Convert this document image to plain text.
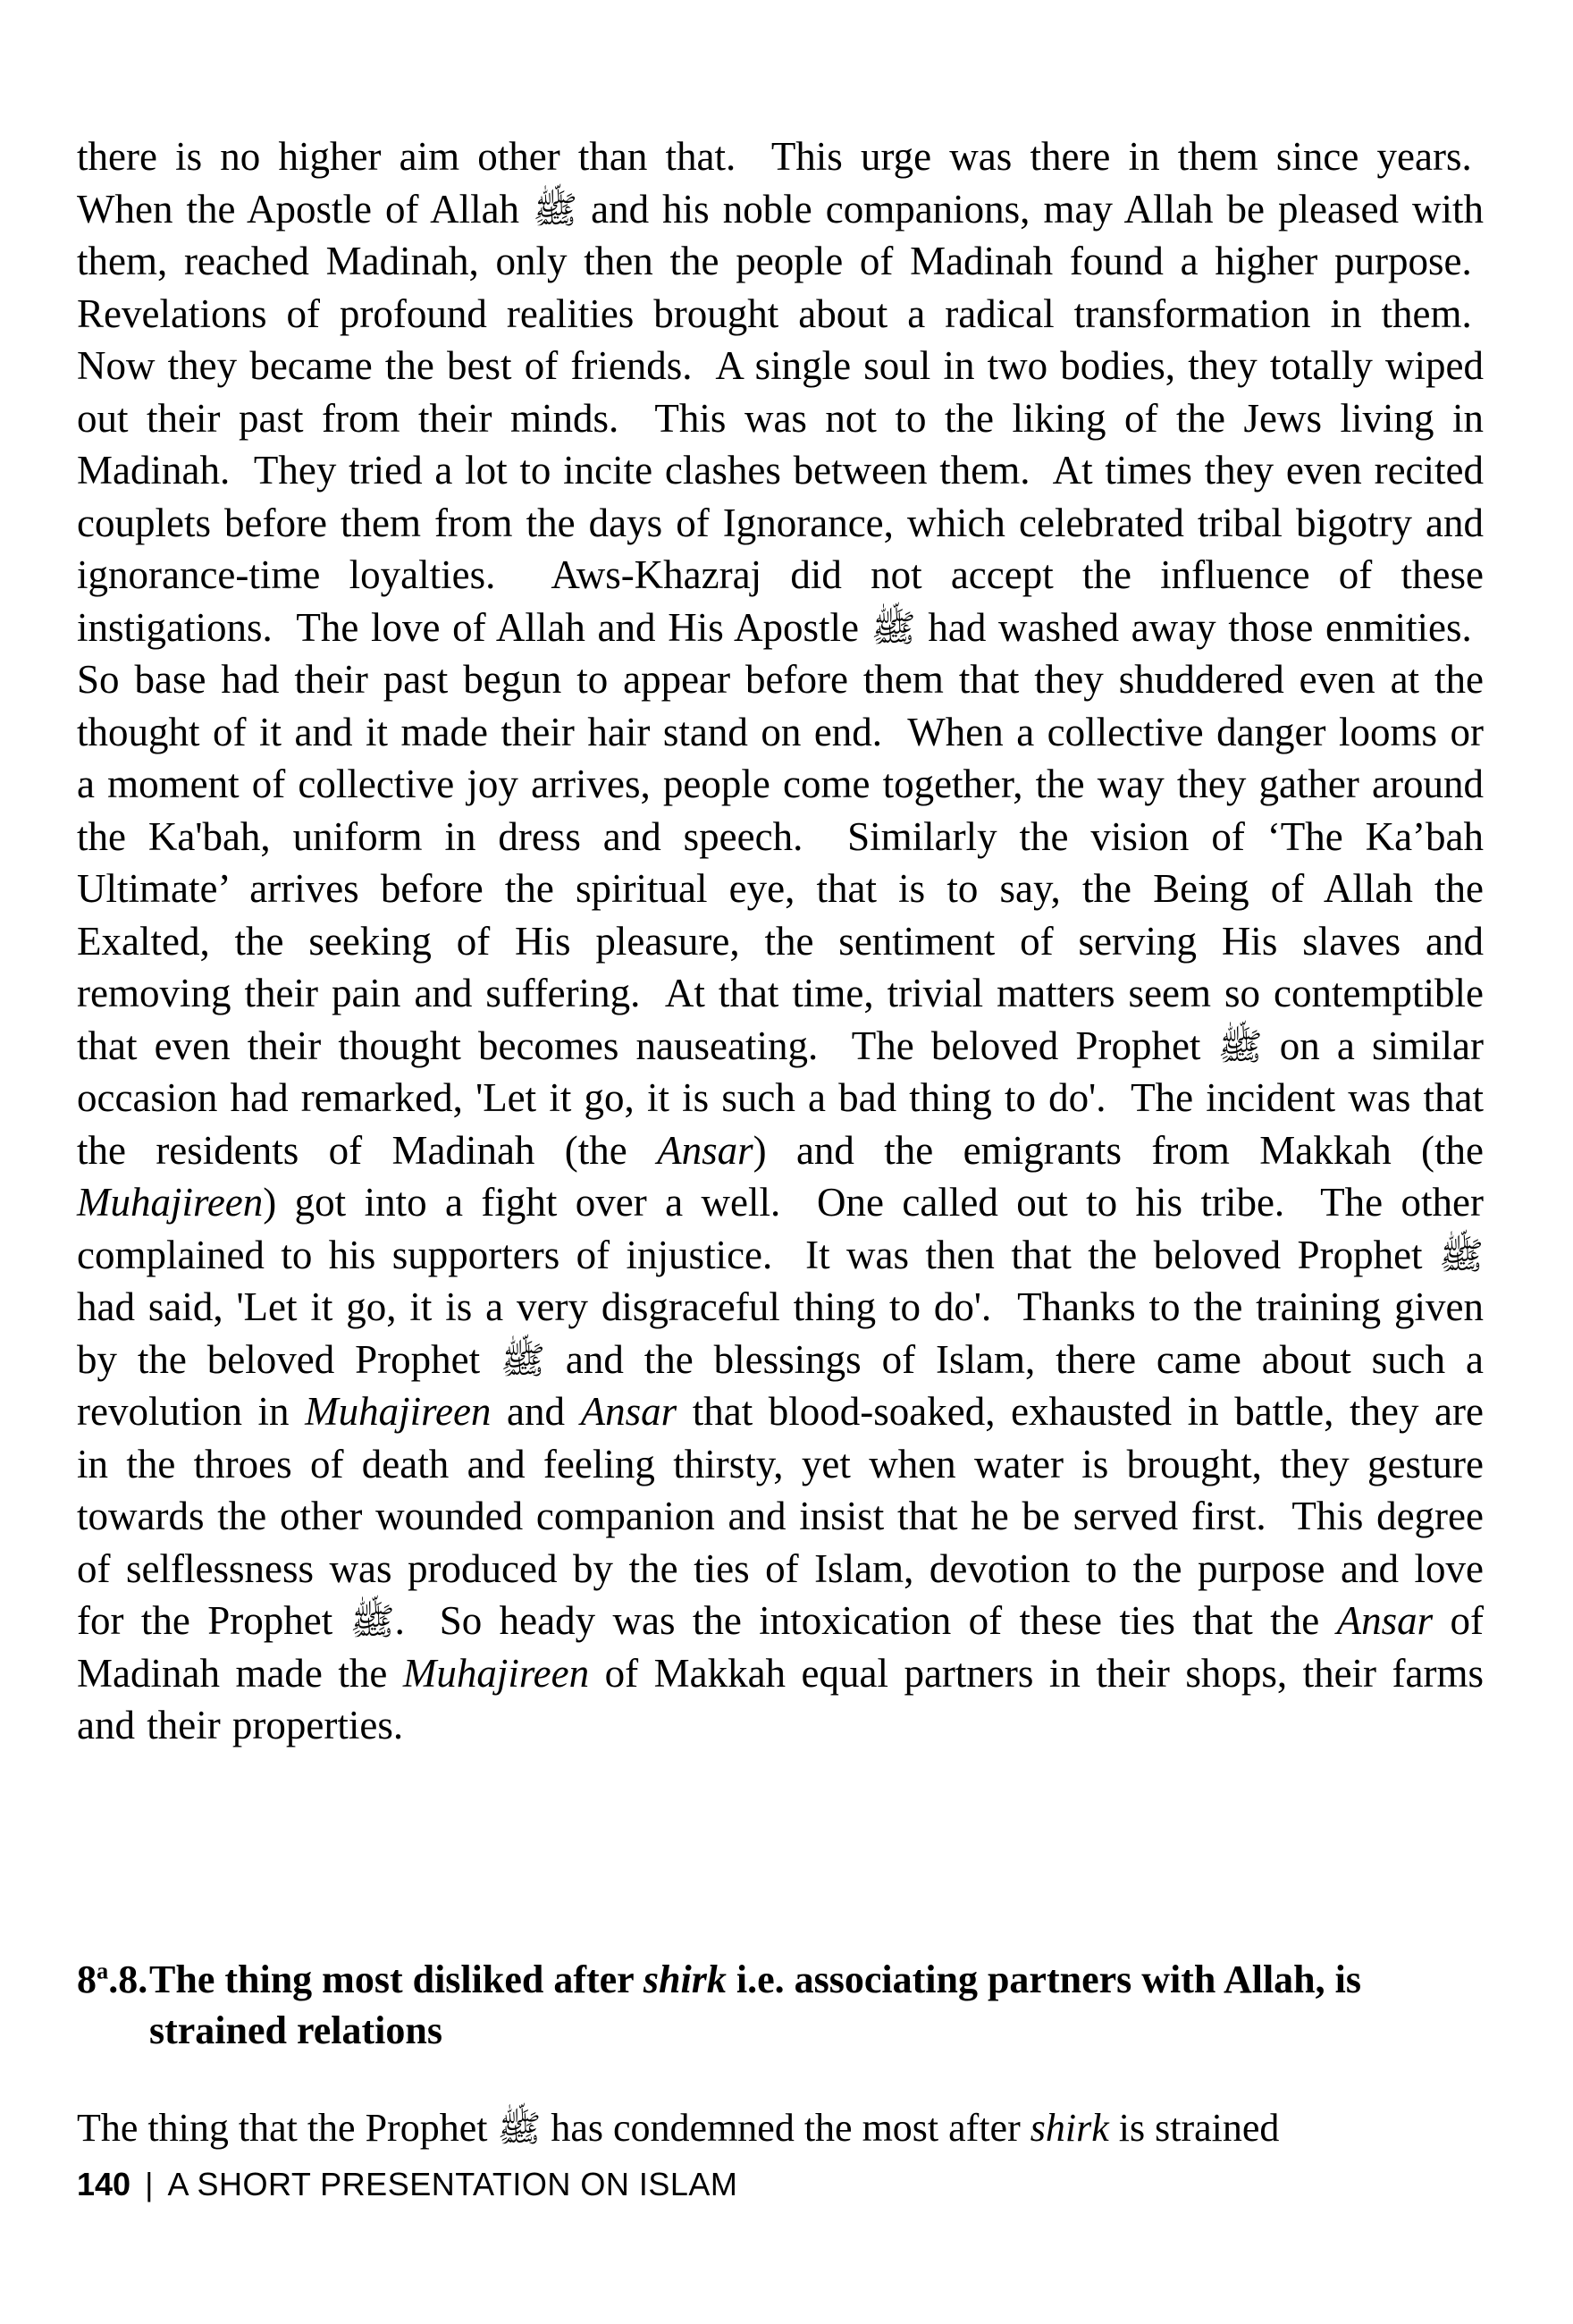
there is no higher aim other than that.  This urge was there in them since years.  When the Apostle of Allah ﷺ and his noble companions, may Allah be pleased with them, reached Madinah, only then the people of Madinah found a higher purpose.  Revelations of profound realities brought about a radical transformation in them.  Now they became the best of friends.  A single soul in two bodies, they totally wiped out their past from their minds.  This was not to the liking of the Jews living in Madinah.  They tried a lot to incite clashes between them.  At times they even recited couplets before them from the days of Ignorance, which celebrated tribal bigotry and ignorance-time loyalties.  Aws-Khazraj did not accept the influence of these instigations.  The love of Allah and His Apostle ﷺ had washed away those enmities.  So base had their past begun to appear before them that they shuddered even at the thought of it and it made their hair stand on end.  When a collective danger looms or a moment of collective joy arrives, people come together, the way they gather around the Ka'bah, uniform in dress and speech.  Similarly the vision of ‘The Ka’bah Ultimate’ arrives before the spiritual eye, that is to say, the Being of Allah the Exalted, the seeking of His pleasure, the sentiment of serving His slaves and removing their pain and suffering.  At that time, trivial matters seem so contemptible that even their thought becomes nauseating.  The beloved Prophet ﷺ on a similar occasion had remarked, 'Let it go, it is such a bad thing to do'.  The incident was that the residents of Madinah (the Ansar) and the emigrants from Makkah (the Muhajireen) got into a fight over a well.  One called out to his tribe.  The other complained to his supporters of injustice.  It was then that the beloved Prophet ﷺ had said, 'Let it go, it is a very disgraceful thing to do'.  Thanks to the training given by the beloved Prophet ﷺ and the blessings of Islam, there came about such a revolution in Muhajireen and Ansar that blood-soaked, exhausted in battle, they are in the throes of death and feeling thirsty, yet when water is brought, they gesture towards the other wounded companion and insist that he be served first.  This degree of selflessness was produced by the ties of Islam, devotion to the purpose and love for the Prophet ﷺ.  So heady was the intoxication of these ties that the Ansar of Madinah made the Muhajireen of Makkah equal partners in their shops, their farms and their properties.
8$^a$.8. The thing most disliked after shirk i.e. associating partners with Allah, is strained relations
The thing that the Prophet ﷺ has condemned the most after shirk is strained
140 | A SHORT PRESENTATION ON ISLAM
